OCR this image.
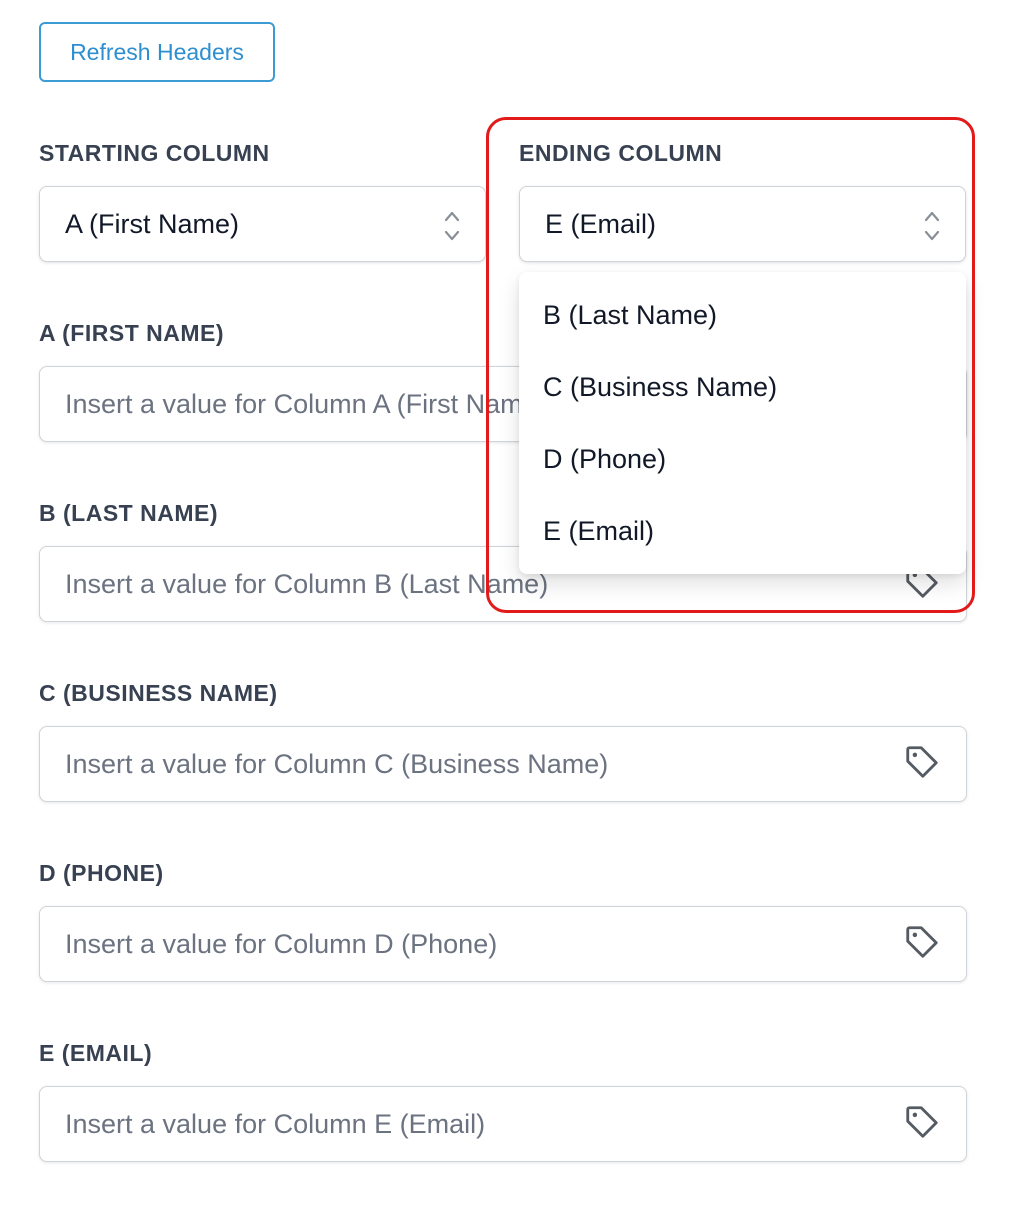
Refresh Headers
STARTING COLUMN	ENDING COLUMN
A (First Name)	E (Email)
A (FIRST NAME)
Insert a value for Column A (First Name)
B (LAST NAME)
Insert a value for Column B (Last Name)
C (BUSINESS NAME)
Insert a value for Column C (Business Name)
D (PHONE)
Insert a value for Column D (Phone)
E (EMAIL)
Insert a value for Column E (Email)
B (Last Name)
C (Business Name)
D (Phone)
E (Email)
